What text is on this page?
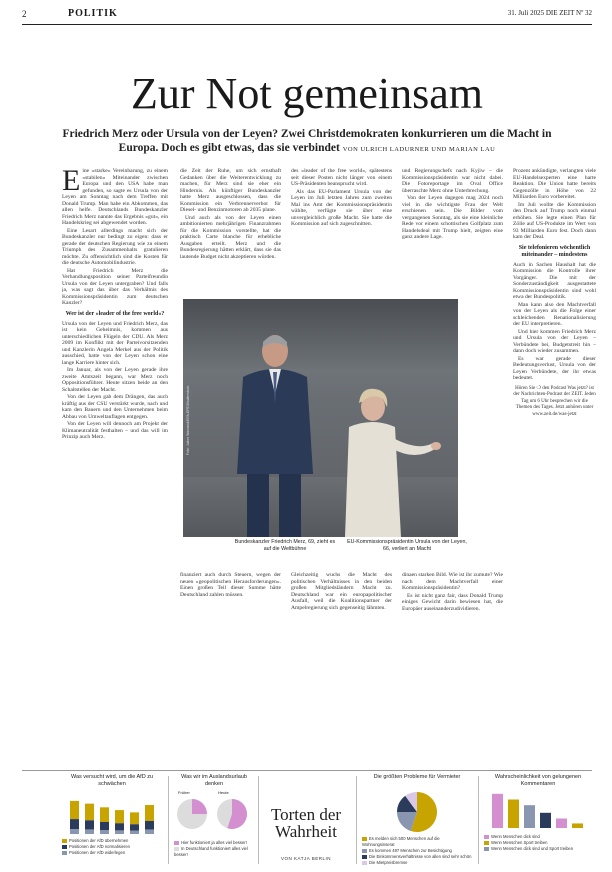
2	POLITIK	31. Juli 2025 DIE ZEIT Nº 32
Zur Not gemeinsam
Friedrich Merz oder Ursula von der Leyen? Zwei Christdemokraten konkurrieren um die Macht in Europa. Doch es gibt etwas, das sie verbindet VON ULRICH LADURNER UND MARIAN LAU
E ine »starke« Vereinbarung, zu einem »stabilen« Miteinander zwischen Europa und den USA habe man gefunden, so sagte es Ursula von der Leyen am Sonntag nach dem Treffen mit Donald Trump. Man habe ein Abkommen, das allen helfe. Deutschlands Bundeskanzler Friedrich Merz nannte das Ergebnis »gut«, ein Handelskrieg sei abgewendet worden.

Eine Lesart allerdings macht sich der Bundeskanzler nur bedingt zu eigen: dass er gerade der deutschen Regierung wie zu einem Triumph des Zusammenhalts gratulieren möchte. Zu offensichtlich sind die Kosten für die deutsche Automobilindustrie.

Hat Friedrich Merz die Verhandlungsposition seiner Parteifreundin Ursula von der Leyen untergraben? Und falls ja, was sagt das über das Verhältnis des Kommissionspräsidentin zum deutschen Kanzler?

Wer ist der »leader of the free world«?

Ursula von der Leyen und Friedrich Merz, das ist kein Geheimnis, kommen aus unterschiedlichen Flügeln der CDU. Als Merz 2009 im Konflikt mit der Parteivorsitzenden und Kanzlerin Angela Merkel aus der Politik ausschied, hatte von der Leyen schon eine lange Karriere hinter sich.

Im Januar, als von der Leyen gerade ihre zweite Amtszeit begann, war Merz noch Oppositionsführer. Heute sitzen beide an den Schaltstellen der Macht.

Von der Leyen gab dem Drängen, das auch kräftig aus der CSU verstärkt wurde, nach und kam den Bauern und den Unternehmen beim Abbau von Umweltauflagen entgegen.

Von der Leyen will dennoch am Projekt der Klimaneutralität festhalten – und das will im Prinzip auch Merz.

die Zeit der Ruhe, um sich ernsthaft Gedanken über die Weiterentwicklung zu machen, für Merz sind sie eher ein Hindernis. Als künftiger Bundeskanzler hatte Merz ausgeschlossen, dass die Kommission ein Verbrennerverbot für Diesel- und Benzinmotoren ab 2035 plane.

Und auch als von der Leyen einen ambitionierten mehrjährigen Finanzrahmen für die Kommission vorstellte, hat die praktisch Carte blanche für erhebliche Ausgaben erteilt. Merz und die Bundesregierung hätten erklärt, dass sie das lautende Budget nicht akzeptieren würden.

finanziert auch durch Steuern, wegen der neuen »geopolitischen Herausforderungen«. Einen großen Teil dieser Summe hätte Deutschland zahlen müssen.

des »leader of the free world«, spätestens seit dieser Posten nicht länger von einem US-Präsidenten beansprucht wird.

Als das EU-Parlament Ursula von der Leyen im Juli letzten Jahres zum zweiten Mal ins Amt der Kommissionspräsidentin wählte, verfügte sie über eine unvergleichlich große Macht. Sie hatte die Kommission auf sich zugeschnitten.

Gleichzeitig wuchs die Macht des politischen Verhältnisses in den beiden großen Mitgliedsländern Macht zu. Deutschland war ein europapolitischer Ausfall, weil die Koalitionspartner der Ampelregierung sich gegenseitig lähmten.

und Regierungschefs nach Kyjiw – die Kommissionspräsidentin war nicht dabei. Die Fotoreportage im Oval Office überraschte Merz ohne Unterbrechung.

Von der Leyen dagegen mag 2024 noch viel in die wichtigste Frau der Welt erschienen sein. Die Bilder vom vergangenen Sonntag, als sie eine kleinliche Rede vor einem schottischen Golfplatz zum Handelsdeal mit Trump hielt, zeigten eine ganz andere Lage.

dinaen starken Bild. Wie ist ihr zumute? Wie nach dem Machtverfall einer Kommissionspräsidentin?

Es ist nicht ganz fair, dass Donald Trump einiges Gewicht darin bewiesen hat, die Europäer auseinanderzudividieren.

Prozent ankündigte, verlangten viele EU-Handelsexperten eine harte Reaktion. Die Union hatte bereits Gegenzölle in Höhe von 22 Milliarden Euro vorbereitet.

Im Juli wollte die Kommission den Druck auf Trump noch einmal erhöhen. Sie legte einen Plan für Zölle auf US-Produkte im Wert von 93 Milliarden Euro fest. Doch dann kam der Deal.

Sie telefonieren wöchentlich miteinander – mindestens

Auch in Sachen Haushalt hat die Kommission die Kontrolle ihrer Vorgänger. Die mit der Sonderzuständigkeit ausgestattete Kommissionspräsidentin sind wohl etwa der Bundespolitik.

Man kann also den Machtverfall von der Leyen als die Folge einer schleichenden Renationalisierung der EU interpretieren.

Und hier kommen Friedrich Merz und Ursula von der Leyen – Verbündete bei, Budgetstreit hin – dann doch wieder zusammen.

Es war gerade dieser Bedeutungsverlust, Ursula von der Leyen Verbündete, der ihr etwas bedeutet.

Hören Sie ❍ den Podcast Was jetzt? ist der Nachrichten-Podcast der ZEIT. Jeden Tag um 6 Uhr besprechen wir die Themen des Tages. Jetzt anhören unter www.zeit.de/was-jetzt

Foto: Julien Warnand/EPA-EFE/Shutterstock
Bundeskanzler Friedrich Merz, 69, zieht es auf die Weltbühne
EU-Kommissionspräsidentin Ursula von der Leyen, 66, verliert an Macht
Was versucht wird, um die AfD zu schwächen
Positionen der AfD übernehmen
Positionen der AfD normalisieren
Positionen der AfD widerlegen
Was wir im Auslandsurlaub denken
Früher	Heute
Hier funktioniert ja alles viel besser!
In Deutschland funktioniert alles viel besser!
Torten der Wahrheit
VON KATJA BERLIN
Die größten Probleme für Vermieter
Es melden sich 500 Menschen auf die Wohnungsinserat
Es kommen 497 Menschen zur Besichtigung
Die Einkommensverhältnisse von allen sind sehr schön
Die Mietpreisbremse
Wahrscheinlichkeit von gelungenen Kommentaren
Wenn Menschen dick sind
Wenn Menschen Sport treiben
Wenn Menschen dick sind und Sport treiben
